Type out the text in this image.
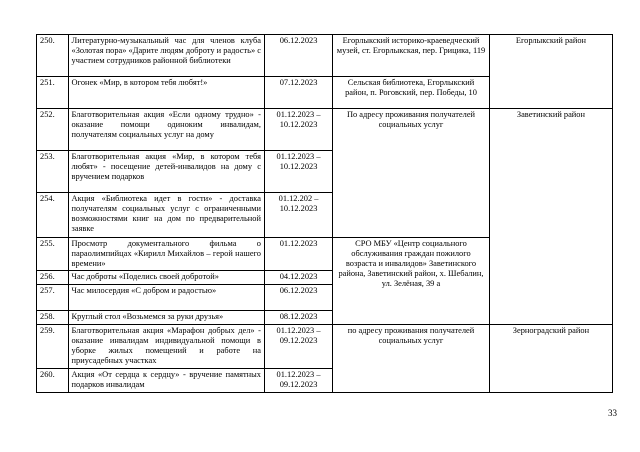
250.	Литературно-музыкальный час для членов клуба «Золотая пора» «Дарите людям доброту и радость» с участием сотрудников районной библиотеки	06.12.2023	Егорлыкский историко-краеведческий музей, ст. Егорлыкская, пер. Грицика, 119	Егорлыкский район
251.	Огонек «Мир, в котором тебя любят!»	07.12.2023	Сельская библиотека, Егорлыкский район, п. Роговский, пер. Победы, 10	
252.	Благотворительная акция «Если одному трудно» - оказание помощи одиноким инвалидам, получателям социальных услуг на дому	01.12.2023 – 10.12.2023	По адресу проживания получателей социальных услуг	Заветинский район
253.	Благотворительная акция «Мир, в котором тебя любят» - посещение детей-инвалидов на дому с вручением подарков	01.12.2023 – 10.12.2023		
254.	Акция «Библиотека идет в гости» - доставка получателям социальных услуг с ограниченными возможностями книг на дом по предварительной заявке	01.12.202 – 10.12.2023		
255.	Просмотр документального фильма о параолимпийцах «Кирилл Михайлов – герой нашего времени»	01.12.2023	СРО МБУ «Центр социального обслуживания граждан пожилого возраста и инвалидов» Заветинского района, Заветинский район, х. Шебалин, ул. Зелёная, 39 а	
256.	Час доброты «Поделись своей добротой»	04.12.2023		
257.	Час милосердия «С добром и радостью»	06.12.2023		
258.	Круглый стол «Возьмемся за руки друзья»	08.12.2023		
259.	Благотворительная акция «Марафон добрых дел» - оказание инвалидам индивидуальной помощи в уборке жилых помещений и работе на приусадебных участках	01.12.2023 – 09.12.2023	по адресу проживания получателей социальных услуг	Зерноградский район
260.	Акция «От сердца к сердцу» - вручение памятных подарков инвалидам	01.12.2023 – 09.12.2023		
33
